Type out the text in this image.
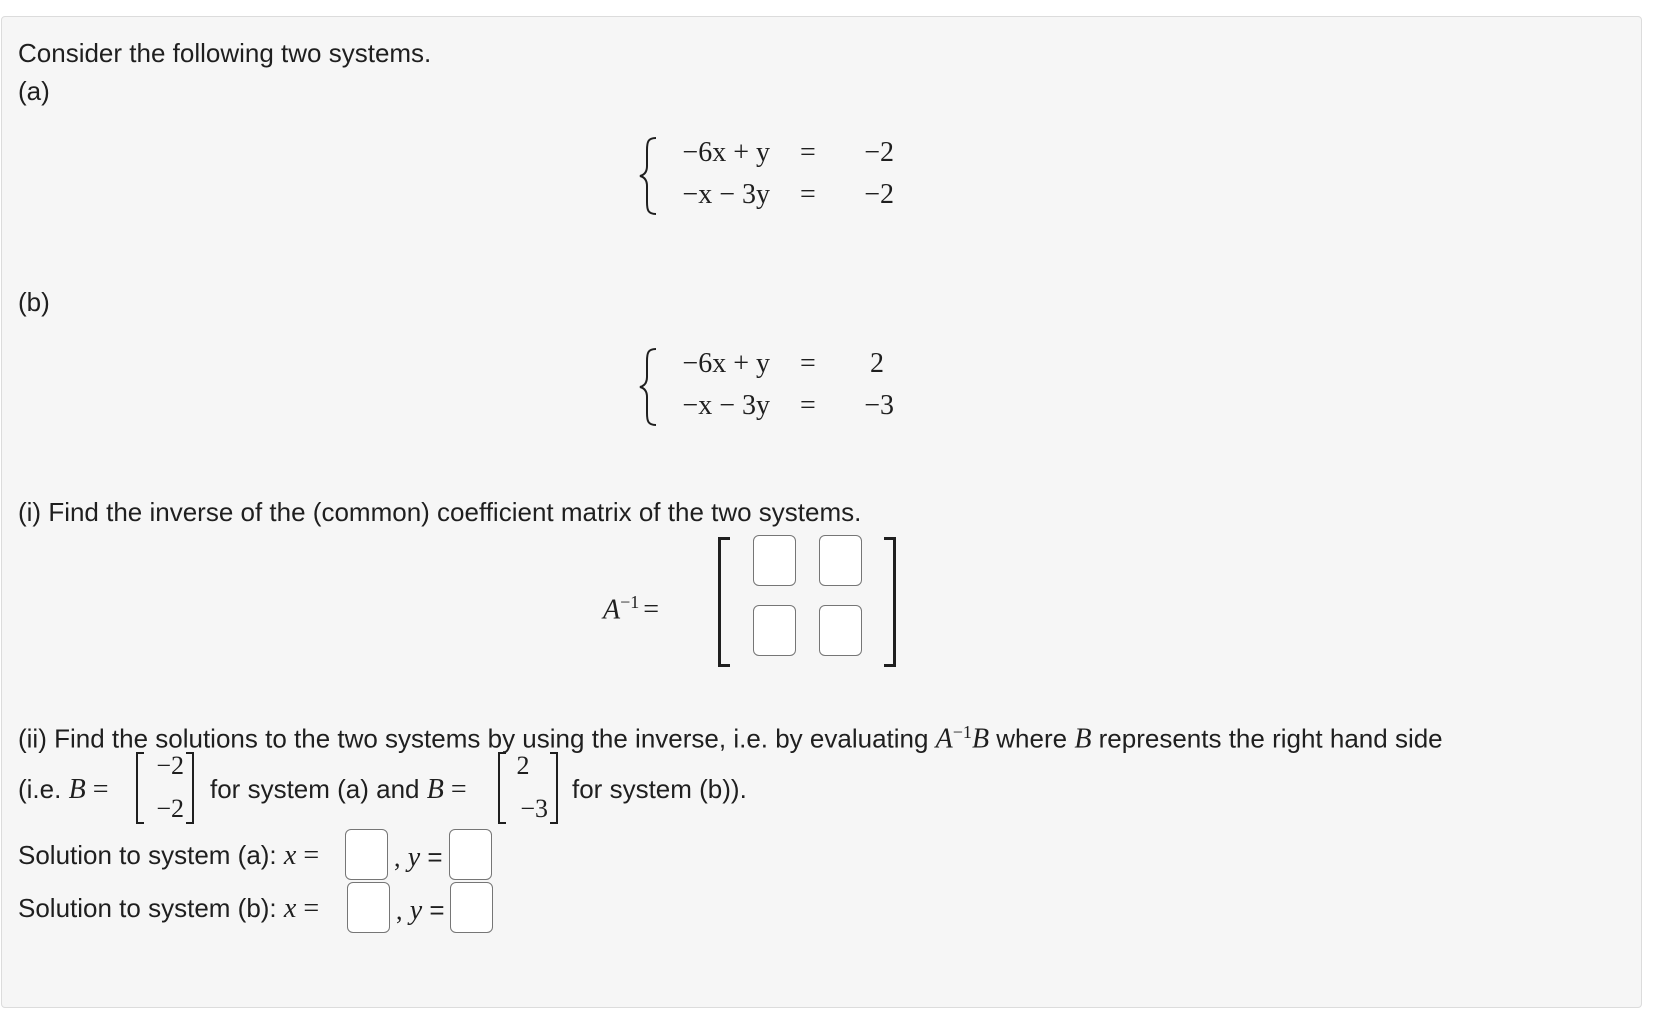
Consider the following two systems.
(a)
−6x + y =	−2
−x − 3y =	−2
(b)
−6x + y =	2
−x − 3y =	−3
(i) Find the inverse of the (common) coefficient matrix of the two systems.
$A^{-1}$ =
(ii) Find the solutions to the two systems by using the inverse, i.e. by evaluating $A^{-1}B$ where B represents the right hand side
(i.e. B =
−2
−2
for system (a) and B =
2
−3
for system (b)).
Solution to system (a): x =	, y =
Solution to system (b): x =	, y =
